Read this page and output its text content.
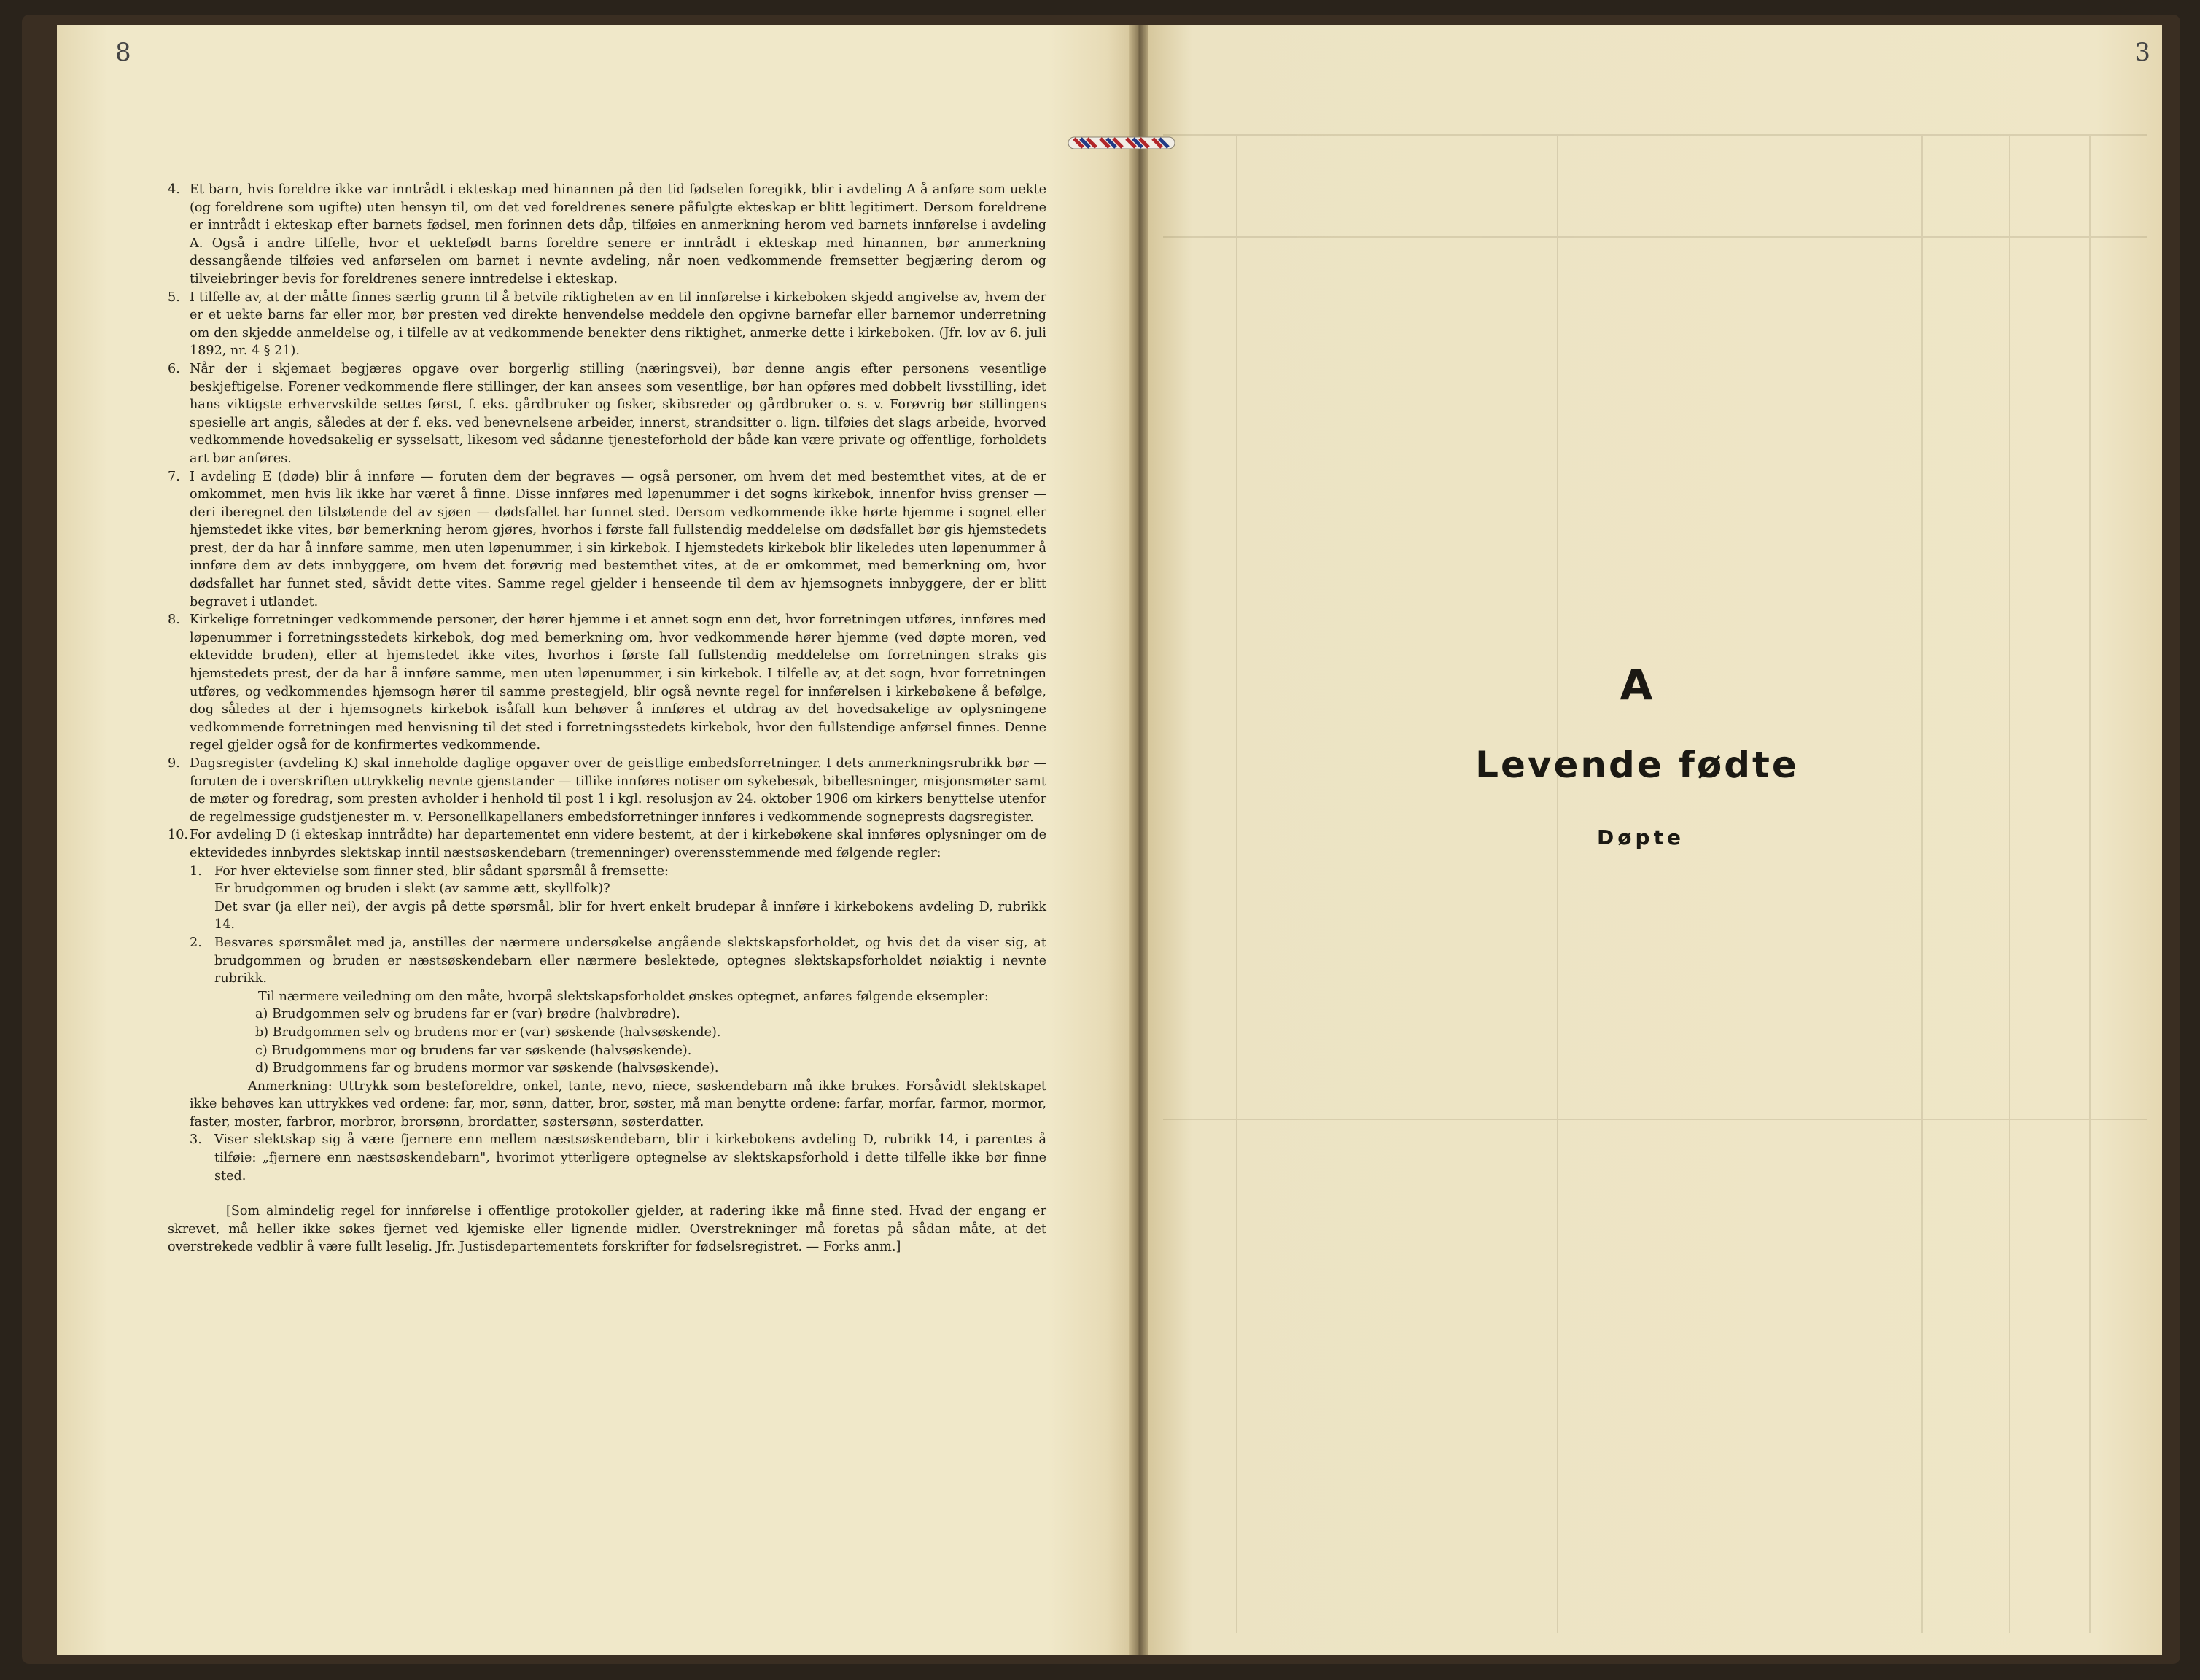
8	3
4. Et barn, hvis foreldre ikke var inntrådt i ekteskap med hinannen på den tid fødselen foregikk, blir i avdeling A å anføre som uekte (og foreldrene som ugifte) uten hensyn til, om det ved foreldrenes senere påfulgte ekteskap er blitt legitimert. Dersom foreldrene er inntrådt i ekteskap efter barnets fødsel, men forinnen dets dåp, tilføies en anmerkning herom ved barnets innførelse i avdeling A. Også i andre tilfelle, hvor et uektefødt barns foreldre senere er inntrådt i ekteskap med hinannen, bør anmerkning dessangående tilføies ved anførselen om barnet i nevnte avdeling, når noen vedkommende fremsetter begjæring derom og tilveiebringer bevis for foreldrenes senere inntredelse i ekteskap.
5. I tilfelle av, at der måtte finnes særlig grunn til å betvile riktigheten av en til innførelse i kirkeboken skjedd angivelse av, hvem der er et uekte barns far eller mor, bør presten ved direkte henvendelse meddele den opgivne barnefar eller barnemor underretning om den skjedde anmeldelse og, i tilfelle av at vedkommende benekter dens riktighet, anmerke dette i kirkeboken. (Jfr. lov av 6. juli 1892, nr. 4 § 21).
6. Når der i skjemaet begjæres opgave over borgerlig stilling (næringsvei), bør denne angis efter personens vesentlige beskjeftigelse. Forener vedkommende flere stillinger, der kan ansees som vesentlige, bør han opføres med dobbelt livsstilling, idet hans viktigste erhvervskilde settes først, f. eks. gårdbruker og fisker, skibsreder og gårdbruker o. s. v. Forøvrig bør stillingens spesielle art angis, således at der f. eks. ved benevnelsene arbeider, innerst, strandsitter o. lign. tilføies det slags arbeide, hvorved vedkommende hovedsakelig er sysselsatt, likesom ved sådanne tjenesteforhold der både kan være private og offentlige, forholdets art bør anføres.
7. I avdeling E (døde) blir å innføre — foruten dem der begraves — også personer, om hvem det med bestemthet vites, at de er omkommet, men hvis lik ikke har været å finne. Disse innføres med løpenummer i det sogns kirkebok, innenfor hviss grenser — deri iberegnet den tilstøtende del av sjøen — dødsfallet har funnet sted. Dersom vedkommende ikke hørte hjemme i sognet eller hjemstedet ikke vites, bør bemerkning herom gjøres, hvorhos i første fall fullstendig meddelelse om dødsfallet bør gis hjemstedets prest, der da har å innføre samme, men uten løpenummer, i sin kirkebok. I hjemstedets kirkebok blir likeledes uten løpenummer å innføre dem av dets innbyggere, om hvem det forøvrig med bestemthet vites, at de er omkommet, med bemerkning om, hvor dødsfallet har funnet sted, såvidt dette vites. Samme regel gjelder i henseende til dem av hjemsognets innbyggere, der er blitt begravet i utlandet.
8. Kirkelige forretninger vedkommende personer, der hører hjemme i et annet sogn enn det, hvor forretningen utføres, innføres med løpenummer i forretningsstedets kirkebok, dog med bemerkning om, hvor vedkommende hører hjemme (ved døpte moren, ved ektevidde bruden), eller at hjemstedet ikke vites, hvorhos i første fall fullstendig meddelelse om forretningen straks gis hjemstedets prest, der da har å innføre samme, men uten løpenummer, i sin kirkebok. I tilfelle av, at det sogn, hvor forretningen utføres, og vedkommendes hjemsogn hører til samme prestegjeld, blir også nevnte regel for innførelsen i kirkebøkene å befølge, dog således at der i hjemsognets kirkebok isåfall kun behøver å innføres et utdrag av det hovedsakelige av oplysningene vedkommende forretningen med henvisning til det sted i forretningsstedets kirkebok, hvor den fullstendige anførsel finnes. Denne regel gjelder også for de konfirmertes vedkommende.
9. Dagsregister (avdeling K) skal inneholde daglige opgaver over de geistlige embedsforretninger. I dets anmerkningsrubrikk bør — foruten de i overskriften uttrykkelig nevnte gjenstander — tillike innføres notiser om sykebesøk, bibellesninger, misjonsmøter samt de møter og foredrag, som presten avholder i henhold til post 1 i kgl. resolusjon av 24. oktober 1906 om kirkers benyttelse utenfor de regelmessige gudstjenester m. v. Personellkapellaners embedsforretninger innføres i vedkommende sogneprests dagsregister.
10. For avdeling D (i ekteskap inntrådte) har departementet enn videre bestemt, at der i kirkebøkene skal innføres oplysninger om de ektevidedes innbyrdes slektskap inntil næstsøskendebarn (tremenninger) overensstemmende med følgende regler:
1. For hver ektevielse som finner sted, blir sådant spørsmål å fremsette:
Er brudgommen og bruden i slekt (av samme ætt, skyllfolk)?
Det svar (ja eller nei), der avgis på dette spørsmål, blir for hvert enkelt brudepar å innføre i kirkebokens avdeling D, rubrikk 14.
2. Besvares spørsmålet med ja, anstilles der nærmere undersøkelse angående slektskapsforholdet, og hvis det da viser sig, at brudgommen og bruden er næstsøskendebarn eller nærmere beslektede, optegnes slektskapsforholdet nøiaktig i nevnte rubrikk.
Til nærmere veiledning om den måte, hvorpå slektskapsforholdet ønskes optegnet, anføres følgende eksempler:
a) Brudgommen selv og brudens far er (var) brødre (halvbrødre).
b) Brudgommen selv og brudens mor er (var) søskende (halvsøskende).
c) Brudgommens mor og brudens far var søskende (halvsøskende).
d) Brudgommens far og brudens mormor var søskende (halvsøskende).
Anmerkning: Uttrykk som besteforeldre, onkel, tante, nevo, niece, søskendebarn må ikke brukes. Forsåvidt slektskapet ikke behøves kan uttrykkes ved ordene: far, mor, sønn, datter, bror, søster, må man benytte ordene: farfar, morfar, farmor, mormor, faster, moster, farbror, morbror, brorsønn, brordatter, søstersønn, søsterdatter.
3. Viser slektskap sig å være fjernere enn mellem næstsøskendebarn, blir i kirkebokens avdeling D, rubrikk 14, i parentes å tilføie: „fjernere enn næstsøskendebarn", hvorimot ytterligere optegnelse av slektskapsforhold i dette tilfelle ikke bør finne sted.
[Som almindelig regel for innførelse i offentlige protokoller gjelder, at radering ikke må finne sted. Hvad der engang er skrevet, må heller ikke søkes fjernet ved kjemiske eller lignende midler. Overstrekninger må foretas på sådan måte, at det overstrekede vedblir å være fullt leselig. Jfr. Justisdepartementets forskrifter for fødselsregistret. — Forks anm.]
A
Levende fødte
Døpte
